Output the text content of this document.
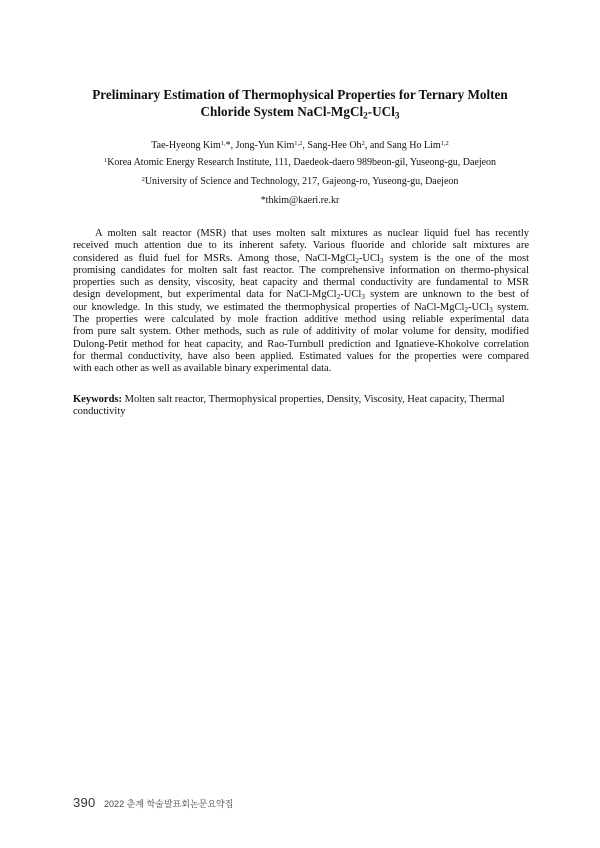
Preliminary Estimation of Thermophysical Properties for Ternary Molten
Chloride System NaCl-MgCl$_2$-UCl$_3$
Tae-Hyeong Kim$^{1,}$*, Jong-Yun Kim$^{1,2}$, Sang-Hee Oh$^2$, and Sang Ho Lim$^{1,2}$
$^1$Korea Atomic Energy Research Institute, 111, Daedeok-daero 989beon-gil, Yuseong-gu, Daejeon
$^2$University of Science and Technology, 217, Gajeong-ro, Yuseong-gu, Daejeon
*thkim@kaeri.re.kr
A molten salt reactor (MSR) that uses molten salt mixtures as nuclear liquid fuel has recently
received much attention due to its inherent safety. Various fluoride and chloride salt mixtures are
considered as fluid fuel for MSRs. Among those, NaCl-MgCl$_2$-UCl$_3$ system is the one of the most
promising candidates for molten salt fast reactor. The comprehensive information on thermo-physical
properties such as density, viscosity, heat capacity and thermal conductivity are fundamental to MSR
design development, but experimental data for NaCl-MgCl$_2$-UCl$_3$ system are unknown to the best of
our knowledge. In this study, we estimated the thermophysical properties of NaCl-MgCl$_2$-UCl$_3$ system.
The properties were calculated by mole fraction additive method using reliable experimental data
from pure salt system. Other methods, such as rule of additivity of molar volume for density, modified
Dulong-Petit method for heat capacity, and Rao-Turnbull prediction and Ignatieve-Khokolve correlation
for thermal conductivity, have also been applied. Estimated values for the properties were compared
with each other as well as available binary experimental data.
Keywords: Molten salt reactor, Thermophysical properties, Density, Viscosity, Heat capacity, Thermal
conductivity
390 2022 춘계 학술발표회논문요약집
